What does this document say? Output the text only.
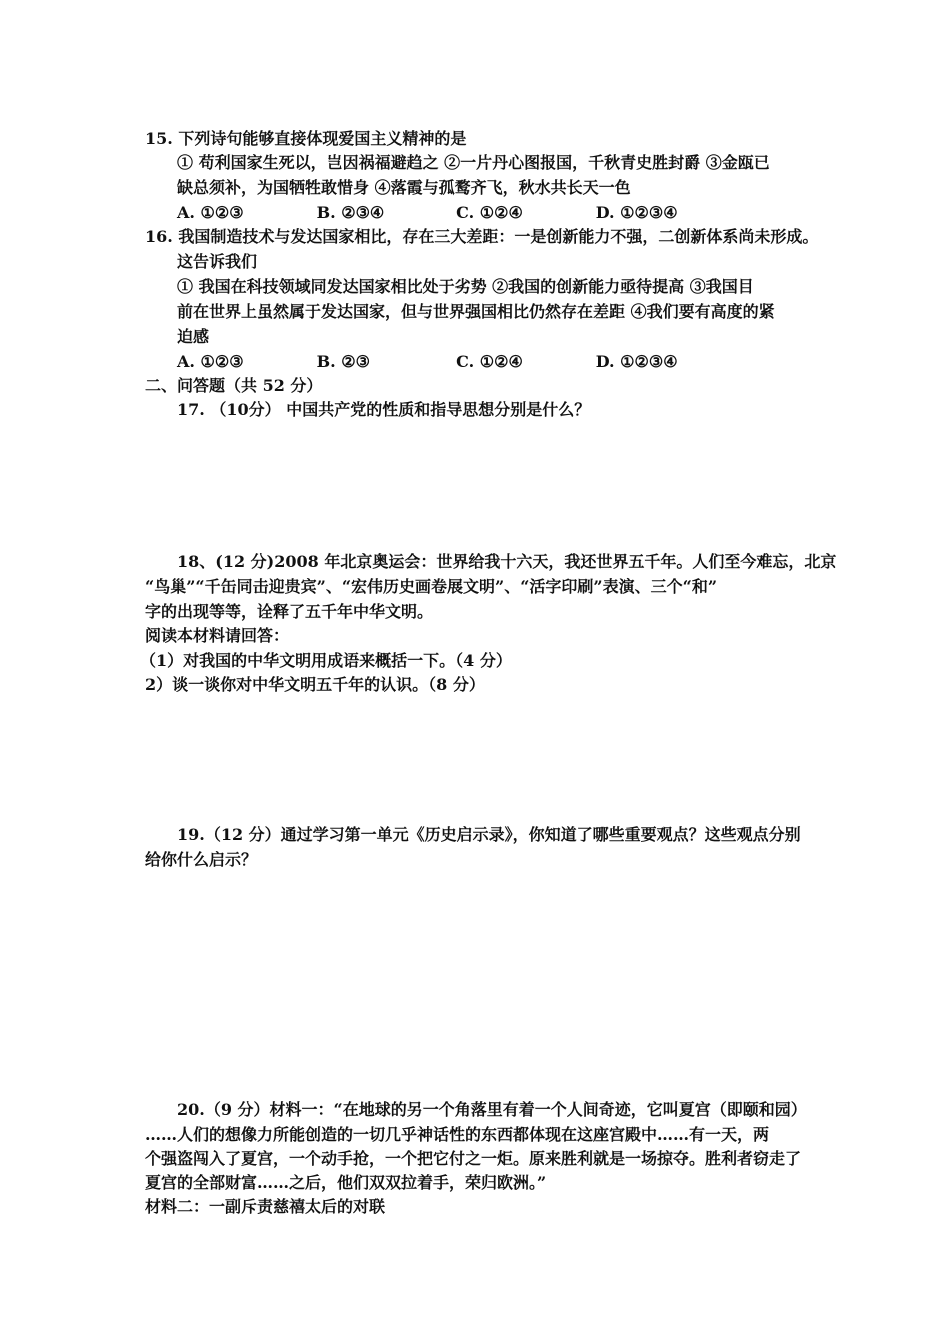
15. 下列诗句能够直接体现爱国主义精神的是
① 苟利国家生死以，岂因祸福避趋之 ②一片丹心图报国，千秋青史胜封爵 ③金瓯已
缺总须补，为国牺牲敢惜身 ④落霞与孤鹜齐飞，秋水共长天一色
A. ①②③	B. ②③④	C. ①②④	D. ①②③④
16. 我国制造技术与发达国家相比，存在三大差距：一是创新能力不强，二创新体系尚未形成。
这告诉我们
① 我国在科技领域同发达国家相比处于劣势 ②我国的创新能力亟待提高 ③我国目
前在世界上虽然属于发达国家，但与世界强国相比仍然存在差距 ④我们要有高度的紧
迫感
A. ①②③	B. ②③	C. ①②④	D. ①②③④
二、问答题（共 52 分）
17. （10分） 中国共产党的性质和指导思想分别是什么？
18、(12 分)2008 年北京奥运会：世界给我十六天，我还世界五千年。人们至今难忘，北京
“鸟巢”“千缶同击迎贵宾”、“宏伟历史画卷展文明”、“活字印刷”表演、三个“和”
字的出现等等，诠释了五千年中华文明。
阅读本材料请回答：
（1）对我国的中华文明用成语来概括一下。（4 分）
2）谈一谈你对中华文明五千年的认识。（8 分）
19.（12 分）通过学习第一单元《历史启示录》，你知道了哪些重要观点？这些观点分别
给你什么启示？
20.（9 分）材料一：“在地球的另一个角落里有着一个人间奇迹，它叫夏宫（即颐和园）
……人们的想像力所能创造的一切几乎神话性的东西都体现在这座宫殿中……有一天，两
个强盗闯入了夏宫，一个动手抢，一个把它付之一炬。原来胜利就是一场掠夺。胜利者窃走了
夏宫的全部财富……之后，他们双双拉着手，荣归欧洲。”
材料二：一副斥责慈禧太后的对联
